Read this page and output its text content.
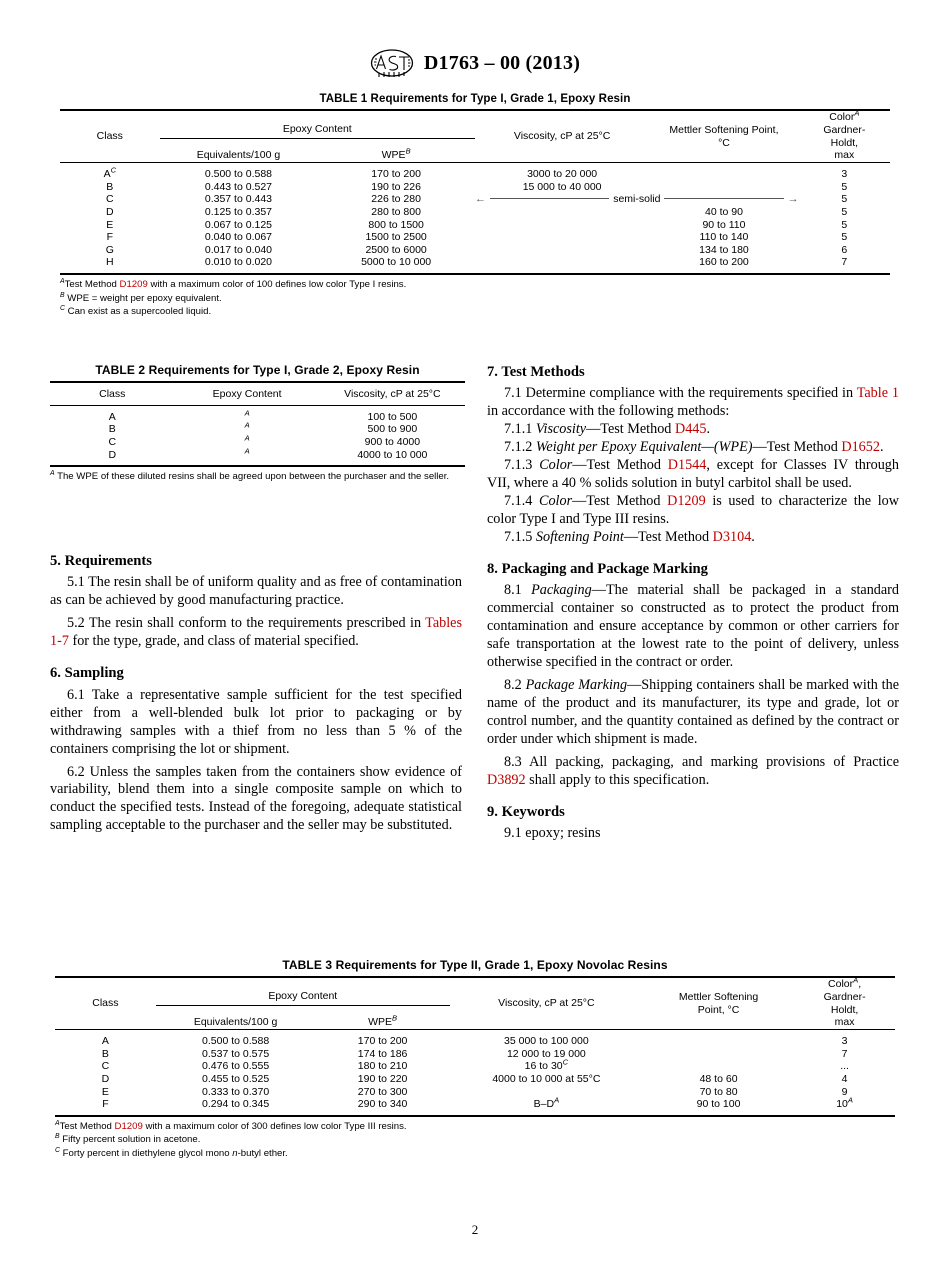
D1763 – 00 (2013)
TABLE 1 Requirements for Type I, Grade 1, Epoxy Resin
Class	Epoxy Content		Viscosity, cP at 25°C	Mettler Softening Point,
°C	Color$^A$
Gardner-
Holdt,
max
	Equivalents/100 g	$WPE^B$
$A^C$	0.500 to 0.588	170 to 200	3000 to 20 000		3
B	0.443 to 0.527	190 to 226	15 000 to 40 000		5
C	0.357 to 0.443	226 to 280	← semi-solid →		5
D	0.125 to 0.357	280 to 800		40 to 90	5
E	0.067 to 0.125	800 to 1500		90 to 110	5
F	0.040 to 0.067	1500 to 2500		110 to 140	5
G	0.017 to 0.040	2500 to 6000		134 to 180	6
H	0.010 to 0.020	5000 to 10 000		160 to 200	7
$^A$Test Method D1209 with a maximum color of 100 defines low color Type I resins.
$^B$ WPE = weight per epoxy equivalent.
$^C$ Can exist as a supercooled liquid.
TABLE 2 Requirements for Type I, Grade 2, Epoxy Resin
Class	Epoxy Content	Viscosity, cP at 25°C
A	$^A$	100 to 500
B	$^A$	500 to 900
C	$^A$	900 to 4000
D	$^A$	4000 to 10 000
$^A$ The WPE of these diluted resins shall be agreed upon between the purchaser and the seller.
5. Requirements

5.1 The resin shall be of uniform quality and as free of contamination as can be achieved by good manufacturing practice.

5.2 The resin shall conform to the requirements prescribed in Tables 1-7 for the type, grade, and class of material specified.

6. Sampling

6.1 Take a representative sample sufficient for the test specified either from a well-blended bulk lot prior to packaging or by withdrawing samples with a thief from no less than 5 % of the containers comprising the lot or shipment.

6.2 Unless the samples taken from the containers show evidence of variability, blend them into a single composite sample on which to conduct the specified tests. Instead of the foregoing, adequate statistical sampling acceptable to the purchaser and the seller may be substituted.

7. Test Methods

7.1 Determine compliance with the requirements specified in Table 1 in accordance with the following methods:

7.1.1 Viscosity—Test Method D445.

7.1.2 Weight per Epoxy Equivalent—(WPE)—Test Method D1652.

7.1.3 Color—Test Method D1544, except for Classes IV through VII, where a 40 % solids solution in butyl carbitol shall be used.

7.1.4 Color—Test Method D1209 is used to characterize the low color Type I and Type III resins.

7.1.5 Softening Point—Test Method D3104.

8. Packaging and Package Marking

8.1 Packaging—The material shall be packaged in a standard commercial container so constructed as to protect the product from contamination and ensure acceptance by common or other carriers for safe transportation at the lowest rate to the point of delivery, unless otherwise specified in the contract or order.

8.2 Package Marking—Shipping containers shall be marked with the name of the product and its manufacturer, its type and grade, lot or control number, and the quantity contained as defined by the contract or order under which shipment is made.

8.3 All packing, packaging, and marking provisions of Practice D3892 shall apply to this specification.

9. Keywords

9.1 epoxy; resins

TABLE 3 Requirements for Type II, Grade 1, Epoxy Novolac Resins
Class	Epoxy Content		Viscosity, cP at 25°C	Mettler Softening
Point, °C	Color$^A$,
Gardner-
Holdt,
max
	Equivalents/100 g	$WPE^B$
A	0.500 to 0.588	170 to 200	35 000 to 100 000		3
B	0.537 to 0.575	174 to 186	12 000 to 19 000		7
C	0.476 to 0.555	180 to 210	16 to $30^C$		...
D	0.455 to 0.525	190 to 220	4000 to 10 000 at 55°C	48 to 60	4
E	0.333 to 0.370	270 to 300		70 to 80	9
F	0.294 to 0.345	290 to 340	$B-D^A$	90 to 100	$10^A$
$^A$Test Method D1209 with a maximum color of 300 defines low color Type III resins.
$^B$ Fifty percent solution in acetone.
$^C$ Forty percent in diethylene glycol mono n-butyl ether.
2
